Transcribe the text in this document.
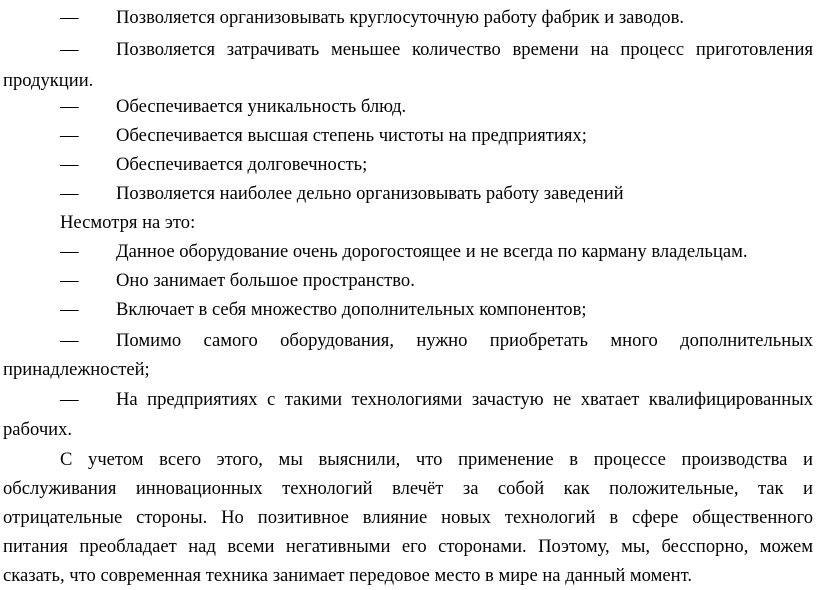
— Позволяется организовывать круглосуточную работу фабрик и заводов.
— Позволяется затрачивать меньшее количество времени на процесс приготовления
продукции.
— Обеспечивается уникальность блюд.
— Обеспечивается высшая степень чистоты на предприятиях;
— Обеспечивается долговечность;
— Позволяется наиболее дельно организовывать работу заведений
Несмотря на это:
— Данное оборудование очень дорогостоящее и не всегда по карману владельцам.
— Оно занимает большое пространство.
— Включает в себя множество дополнительных компонентов;
— Помимо самого оборудования, нужно приобретать много дополнительных
принадлежностей;
— На предприятиях с такими технологиями зачастую не хватает квалифицированных
рабочих.
С учетом всего этого, мы выяснили, что применение в процессе производства и
обслуживания инновационных технологий влечёт за собой как положительные, так и
отрицательные стороны. Но позитивное влияние новых технологий в сфере общественного
питания преобладает над всеми негативными его сторонами. Поэтому, мы, бесспорно, можем
сказать, что современная техника занимает передовое место в мире на данный момент.
